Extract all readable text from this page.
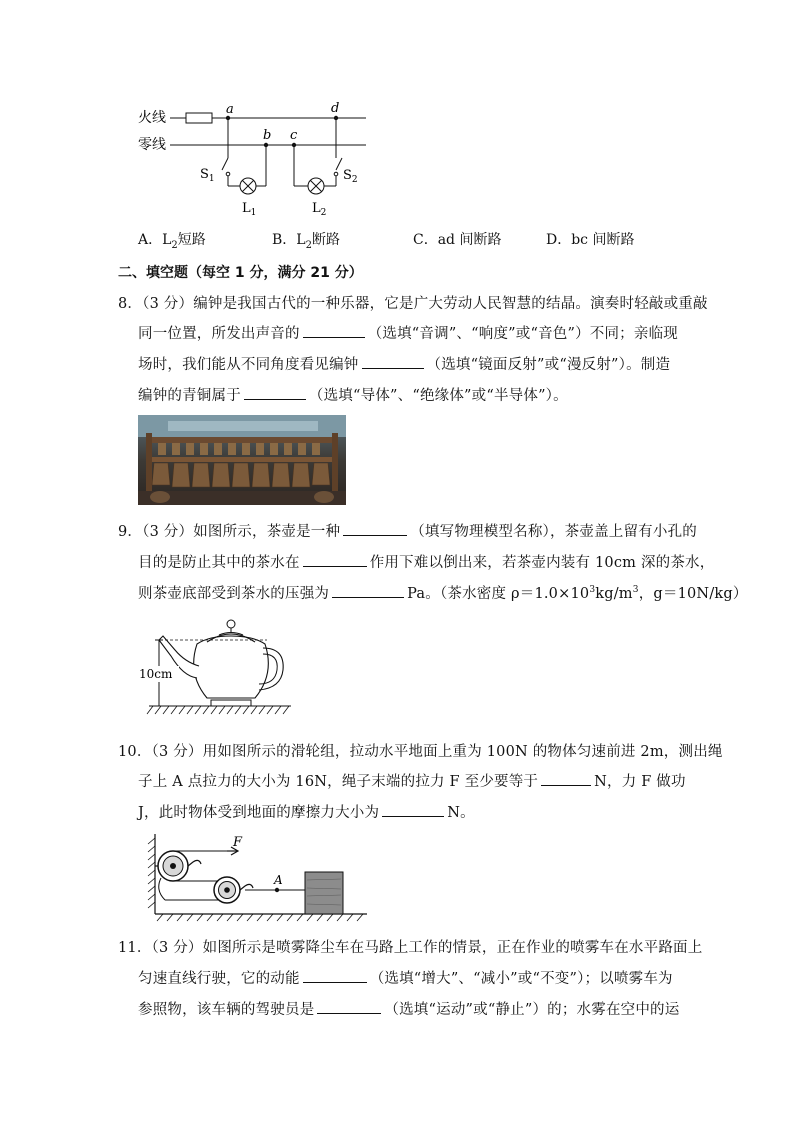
火线
零线
a	d
b c
$S_1$
$L_1$
$S_2$
$L_2$
A．$L_2$短路	B．$L_2$断路	C．ad 间断路	D．bc 间断路
二、填空题（每空 1 分，满分 21 分）
8．（3 分）编钟是我国古代的一种乐器，它是广大劳动人民智慧的结晶。演奏时轻敲或重敲
同一位置，所发出声音的	（选填“音调”、“响度”或“音色”）不同；亲临现
场时，我们能从不同角度看见编钟	（选填“镜面反射”或“漫反射”）。制造
编钟的青铜属于	（选填“导体”、“绝缘体”或“半导体”）。
9．（3 分）如图所示，茶壶是一种	（填写物理模型名称），茶壶盖上留有小孔的
目的是防止其中的茶水在	作用下难以倒出来，若茶壶内装有 10cm 深的茶水，
则茶壶底部受到茶水的压强为	Pa。（茶水密度 $\rho=1.0\times 10^3kg/m^3$，g＝10N/kg）
10cm
10．（3 分）用如图所示的滑轮组，拉动水平地面上重为 100N 的物体匀速前进 2m，测出绳
子上 A 点拉力的大小为 16N，绳子末端的拉力 F 至少要等于	N，力 F 做功
J，此时物体受到地面的摩擦力大小为	N。
F
A
11．（3 分）如图所示是喷雾降尘车在马路上工作的情景，正在作业的喷雾车在水平路面上
匀速直线行驶，它的动能	（选填“增大”、“减小”或“不变”）；以喷雾车为
参照物，该车辆的驾驶员是	（选填“运动”或“静止”）的；水雾在空中的运
